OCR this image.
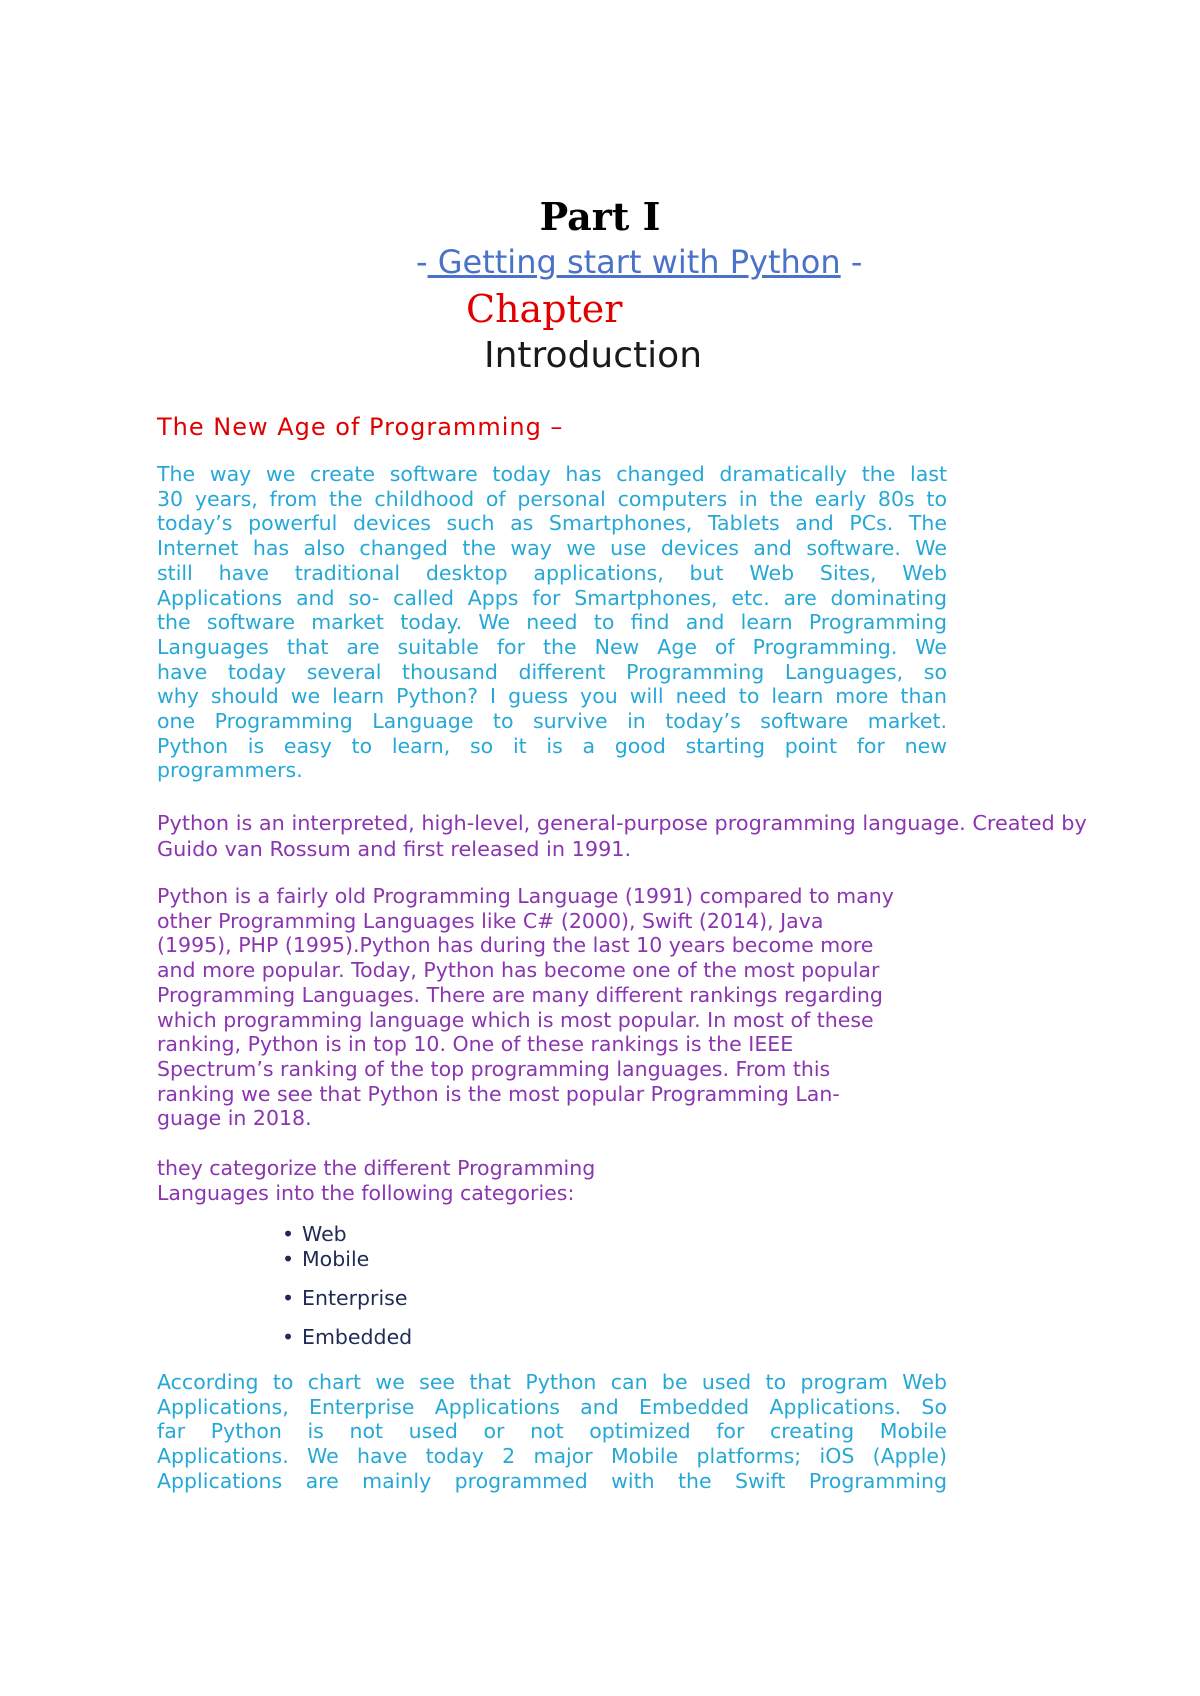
Part I
- Getting start with Python -
Chapter
Introduction
The New Age of Programming –
The way we create software today has changed dramatically the last
30 years, from the childhood of personal computers in the early 80s to
today’s powerful devices such as Smartphones, Tablets and PCs. The
Internet has also changed the way we use devices and software. We
still have traditional desktop applications, but Web Sites, Web
Applications and so- called Apps for Smartphones, etc. are dominating
the software market today. We need to find and learn Programming
Languages that are suitable for the New Age of Programming. We
have today several thousand different Programming Languages, so
why should we learn Python? I guess you will need to learn more than
one Programming Language to survive in today’s software market.
Python is easy to learn, so it is a good starting point for new
programmers.
Python is an interpreted, high-level, general-purpose programming language. Created by
Guido van Rossum and first released in 1991.
Python is a fairly old Programming Language (1991) compared to many
other Programming Languages like C# (2000), Swift (2014), Java
(1995), PHP (1995).Python has during the last 10 years become more
and more popular. Today, Python has become one of the most popular
Programming Languages. There are many different rankings regarding
which programming language which is most popular. In most of these
ranking, Python is in top 10. One of these rankings is the IEEE
Spectrum’s ranking of the top programming languages. From this
ranking we see that Python is the most popular Programming Lan-
guage in 2018.
they categorize the different Programming
Languages into the following categories:
• Web
• Mobile
• Enterprise
• Embedded
According to chart we see that Python can be used to program Web
Applications, Enterprise Applications and Embedded Applications. So
far Python is not used or not optimized for creating Mobile
Applications. We have today 2 major Mobile platforms; iOS (Apple)
Applications are mainly programmed with the Swift Programming
